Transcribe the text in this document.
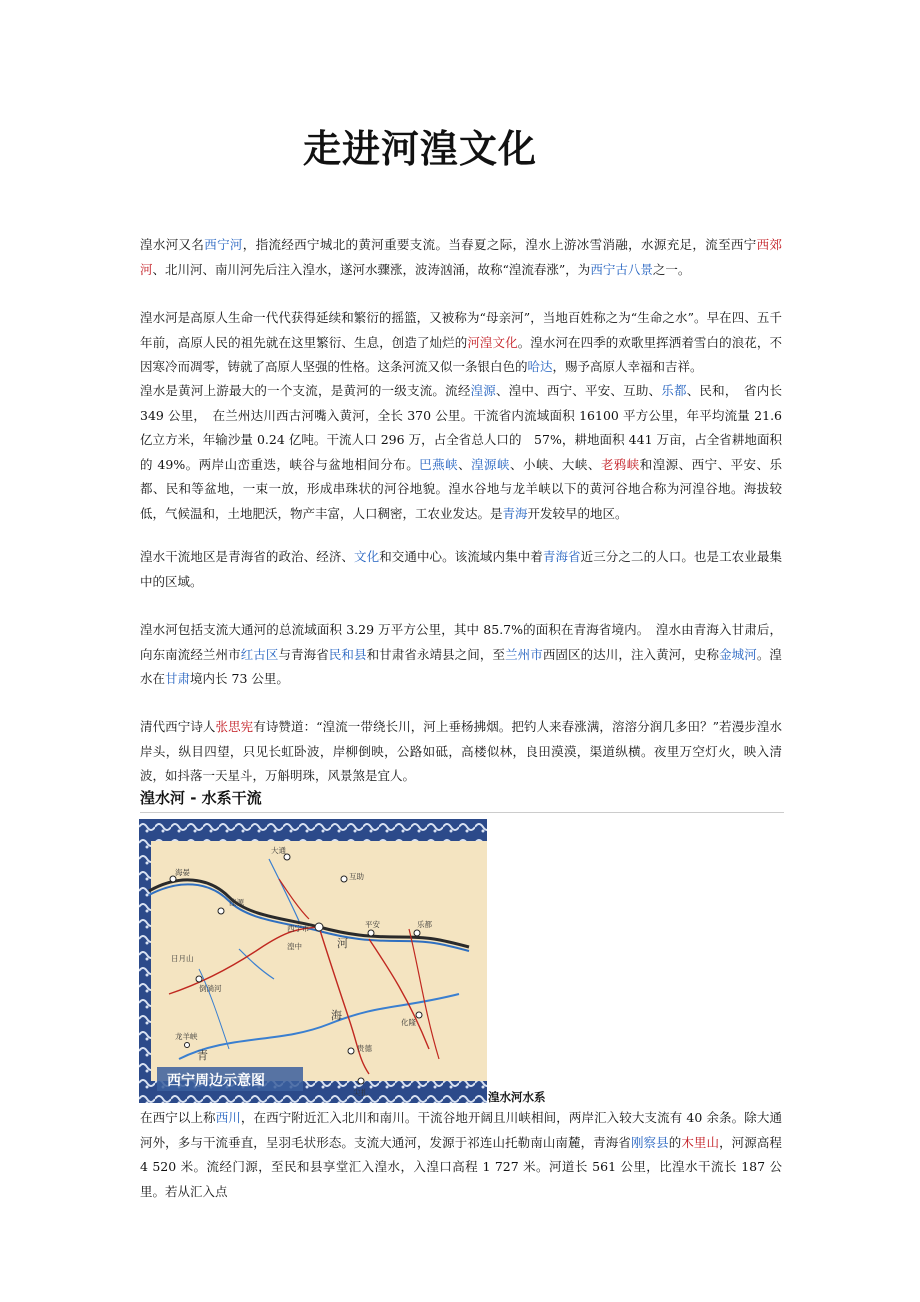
走进河湟文化
湟水河又名西宁河，指流经西宁城北的黄河重要支流。当春夏之际，湟水上游冰雪消融，水源充足，流至西宁西郊河、北川河、南川河先后注入湟水，遂河水骤涨，波涛汹涌，故称“湟流春涨”，为西宁古八景之一。
湟水河是高原人生命一代代获得延续和繁衍的摇篮，又被称为“母亲河”，当地百姓称之为“生命之水”。早在四、五千年前，高原人民的祖先就在这里繁衍、生息，创造了灿烂的河湟文化。湟水河在四季的欢歌里挥洒着雪白的浪花，不因寒冷而凋零，铸就了高原人坚强的性格。这条河流又似一条银白色的哈达，赐予高原人幸福和吉祥。
湟水是黄河上游最大的一个支流，是黄河的一级支流。流经湟源、湟中、西宁、平安、互助、乐都、民和，　省内长 349 公里，　在兰州达川西古河嘴入黄河，全长 370 公里。干流省内流域面积 16100 平方公里，年平均流量 21.6 亿立方米，年输沙量 0.24 亿吨。干流人口 296 万，占全省总人口的　57%，耕地面积 441 万亩，占全省耕地面积的 49%。两岸山峦重迭，峡谷与盆地相间分布。巴燕峡、湟源峡、小峡、大峡、老鸦峡和湟源、西宁、平安、乐都、民和等盆地，一束一放，形成串珠状的河谷地貌。湟水谷地与龙羊峡以下的黄河谷地合称为河湟谷地。海拔较低，气候温和，土地肥沃，物产丰富，人口稠密，工农业发达。是青海开发较早的地区。
湟水干流地区是青海省的政治、经济、文化和交通中心。该流域内集中着青海省近三分之二的人口。也是工农业最集中的区域。
湟水河包括支流大通河的总流域面积 3.29 万平方公里，其中 85.7%的面积在青海省境内。　湟水由青海入甘肃后，向东南流经兰州市红古区与青海省民和县和甘肃省永靖县之间，至兰州市西固区的达川，注入黄河，史称金城河。湟水在甘肃境内长 73 公里。
清代西宁诗人张思宪有诗赞道：“湟流一带绕长川，河上垂杨拂烟。把钓人来春涨满，溶溶分润几多田？”若漫步湟水岸头，纵目四望，只见长虹卧波，岸柳倒映，公路如砥，高楼似林，良田漠漠，渠道纵横。夜里万空灯火，映入清波，如抖落一天星斗，万斛明珠，风景煞是宜人。
在西宁以上称西川，在西宁附近汇入北川和南川。干流谷地开阔且川峡相间，两岸汇入较大支流有 40 余条。除大通河外，多与干流垂直，呈羽毛状形态。支流大通河，发源于祁连山托勒南山南麓，青海省刚察县的木里山，河源高程 4 520 米。流经门源，至民和县享堂汇入湟水，入湟口高程 1 727 米。河道长 561 公里，比湟水干流长 187 公里。若从汇入点
湟水河 - 水系干流
海晏
大通
互助
湟源
西宁市	平安	乐都
湟中
日月山
倒淌河
贵德
化隆
尖扎
龙羊峡
青
海
河
西宁周边示意图
湟水河水系
